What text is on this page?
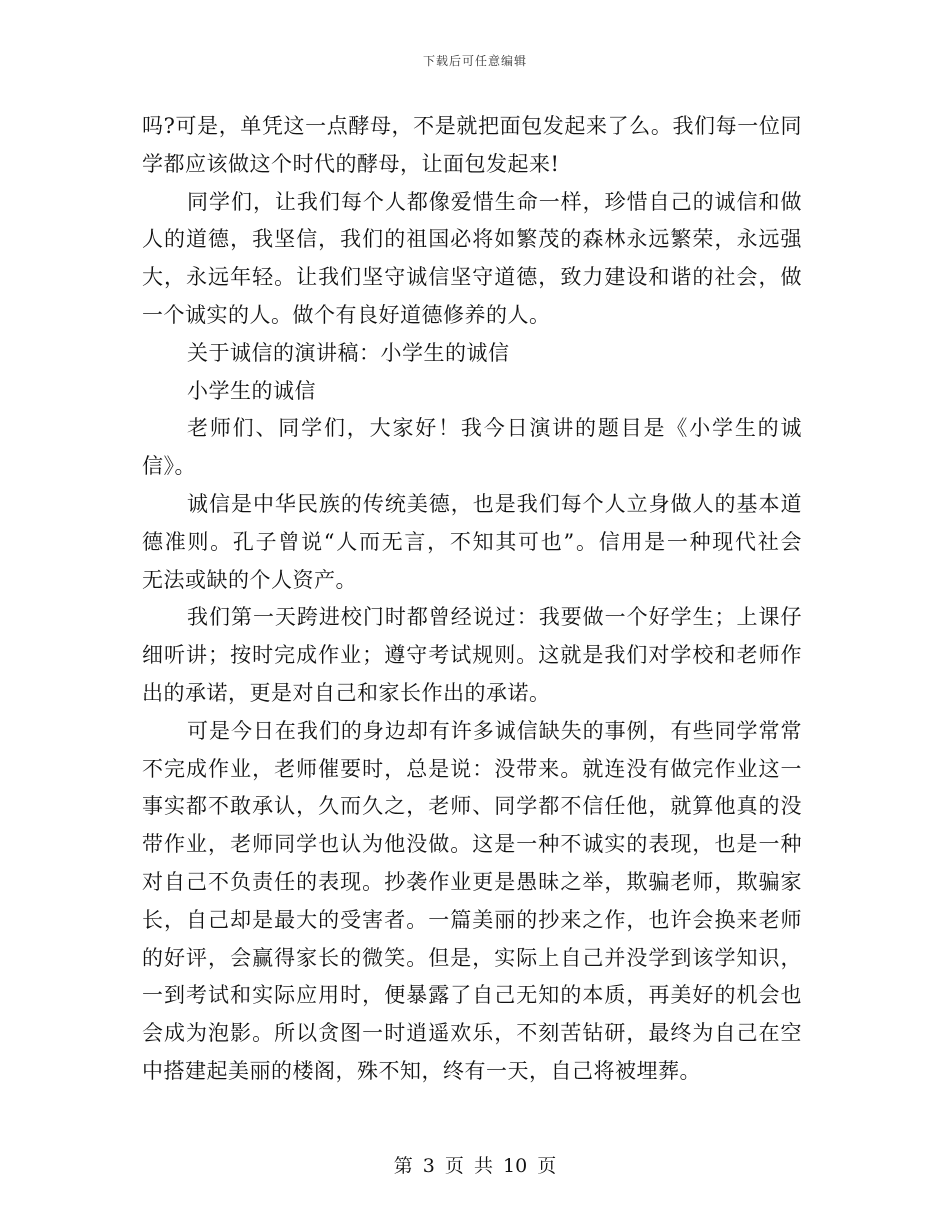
下载后可任意编辑
吗?可是，单凭这一点酵母，不是就把面包发起来了么。我们每一位同
学都应该做这个时代的酵母，让面包发起来!
同学们，让我们每个人都像爱惜生命一样，珍惜自己的诚信和做
人的道德，我坚信，我们的祖国必将如繁茂的森林永远繁荣，永远强
大，永远年轻。让我们坚守诚信坚守道德，致力建设和谐的社会，做
一个诚实的人。做个有良好道德修养的人。
关于诚信的演讲稿：小学生的诚信
小学生的诚信
老师们、同学们，大家好！我今日演讲的题目是《小学生的诚
信》。
诚信是中华民族的传统美德，也是我们每个人立身做人的基本道
德准则。孔子曾说“人而无言，不知其可也”。信用是一种现代社会
无法或缺的个人资产。
我们第一天跨进校门时都曾经说过：我要做一个好学生；上课仔
细听讲；按时完成作业；遵守考试规则。这就是我们对学校和老师作
出的承诺，更是对自己和家长作出的承诺。
可是今日在我们的身边却有许多诚信缺失的事例，有些同学常常
不完成作业，老师催要时，总是说：没带来。就连没有做完作业这一
事实都不敢承认，久而久之，老师、同学都不信任他，就算他真的没
带作业，老师同学也认为他没做。这是一种不诚实的表现，也是一种
对自己不负责任的表现。抄袭作业更是愚昧之举，欺骗老师，欺骗家
长，自己却是最大的受害者。一篇美丽的抄来之作，也许会换来老师
的好评，会赢得家长的微笑。但是，实际上自己并没学到该学知识，
一到考试和实际应用时，便暴露了自己无知的本质，再美好的机会也
会成为泡影。所以贪图一时逍遥欢乐，不刻苦钻研，最终为自己在空
中搭建起美丽的楼阁，殊不知，终有一天，自己将被埋葬。
第 3 页 共 10 页
